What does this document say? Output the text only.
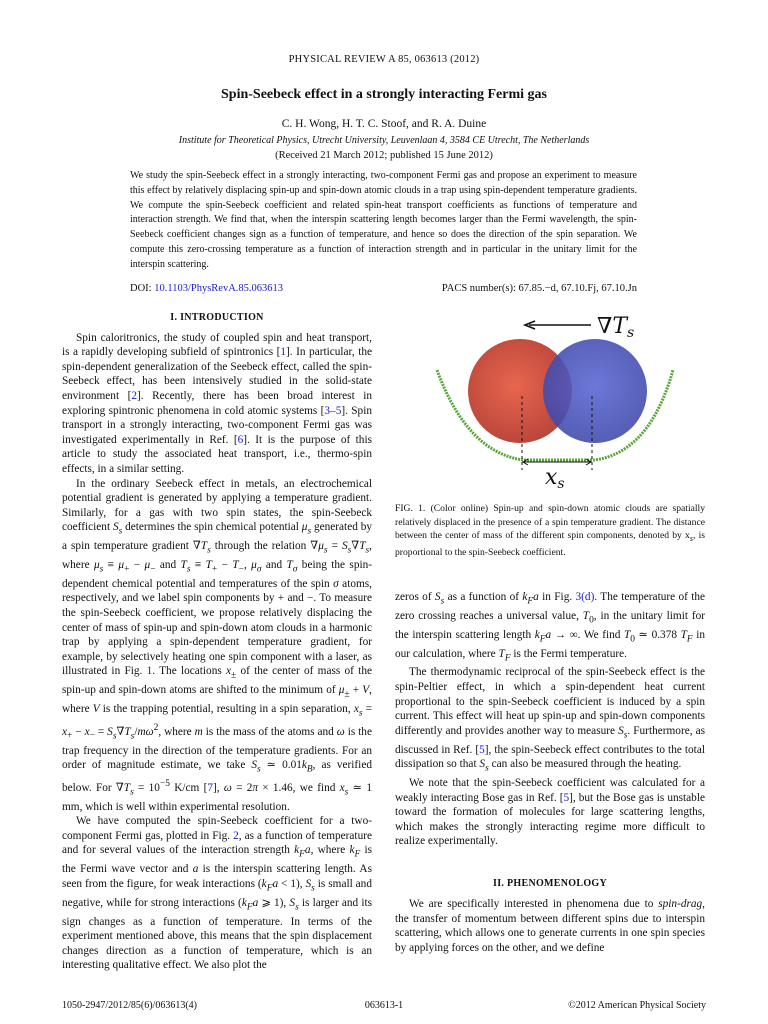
PHYSICAL REVIEW A 85, 063613 (2012)
Spin-Seebeck effect in a strongly interacting Fermi gas
C. H. Wong, H. T. C. Stoof, and R. A. Duine
Institute for Theoretical Physics, Utrecht University, Leuvenlaan 4, 3584 CE Utrecht, The Netherlands
(Received 21 March 2012; published 15 June 2012)
We study the spin-Seebeck effect in a strongly interacting, two-component Fermi gas and propose an experiment to measure this effect by relatively displacing spin-up and spin-down atomic clouds in a trap using spin-dependent temperature gradients. We compute the spin-Seebeck coefficient and related spin-heat transport coefficients as functions of temperature and interaction strength. We find that, when the interspin scattering length becomes larger than the Fermi wavelength, the spin-Seebeck coefficient changes sign as a function of temperature, and hence so does the direction of the spin separation. We compute this zero-crossing temperature as a function of interaction strength and in particular in the unitary limit for the interspin scattering.
DOI: 10.1103/PhysRevA.85.063613	PACS number(s): 67.85.−d, 67.10.Fj, 67.10.Jn
I. INTRODUCTION

Spin caloritronics, the study of coupled spin and heat transport, is a rapidly developing subfield of spintronics [1]. In particular, the spin-dependent generalization of the Seebeck effect, called the spin-Seebeck effect, has been intensively studied in the solid-state environment [2]. Recently, there has been broad interest in exploring spintronic phenomena in cold atomic systems [3–5]. Spin transport in a strongly interacting, two-component Fermi gas was investigated experimentally in Ref. [6]. It is the purpose of this article to study the associated heat transport, i.e., thermo-spin effects, in a similar setting.

In the ordinary Seebeck effect in metals, an electrochemical potential gradient is generated by applying a temperature gradient. Similarly, for a gas with two spin states, the spin-Seebeck coefficient $S_s$ determines the spin chemical potential $\mu_s$ generated by a spin temperature gradient $\nabla T_s$ through the relation $\nabla\mu_s = S_s\nabla T_s$, where $\mu_s \equiv \mu_+ - \mu_-$ and $T_s \equiv T_+ - T_-$, $\mu_\sigma$ and $T_\sigma$ being the spin-dependent chemical potential and temperatures of the spin σ atoms, respectively, and we label spin components by + and −. To measure the spin-Seebeck coefficient, we propose relatively displacing the center of mass of spin-up and spin-down atom clouds in a harmonic trap by applying a spin-dependent temperature gradient, for example, by selectively heating one spin component with a laser, as illustrated in Fig. 1. The locations $x_\pm$ of the center of mass of the spin-up and spin-down atoms are shifted to the minimum of $\mu_\pm + V$, where V is the trapping potential, resulting in a spin separation, $x_s = x_+ - x_- = S_s\nabla T_s/m\omega^2$, where m is the mass of the atoms and ω is the trap frequency in the direction of the temperature gradients. For an order of magnitude estimate, we take $S_s$ ≃ $0.01k_B$, as verified below. For $\nabla T_s = 10^{-5}$ K/cm [7], ω = 2π × 1.46, we find $x_s$ ≃ 1 mm, which is well within experimental resolution.

We have computed the spin-Seebeck coefficient for a two-component Fermi gas, plotted in Fig. 2, as a function of temperature and for several values of the interaction strength $k_Fa$, where $k_F$ is the Fermi wave vector and a is the interspin scattering length. As seen from the figure, for weak interactions $(k_Fa < 1)$, $S_s$ is small and negative, while for strong interactions ($k_Fa$ ⩾ 1), $S_s$ is larger and its sign changes as a function of temperature. In terms of the experiment mentioned above, this means that the spin displacement changes direction as a function of temperature, which is an interesting qualitative effect. We also plot the

∇Ts
xs
FIG. 1. (Color online) Spin-up and spin-down atomic clouds are spatially relatively displaced in the presence of a spin temperature gradient. The distance between the center of mass of the different spin components, denoted by $x_s$, is proportional to the spin-Seebeck coefficient.

zeros of $S_s$ as a function of $k_Fa$ in Fig. 3(d). The temperature of the zero crossing reaches a universal value, $T_0$, in the unitary limit for the interspin scattering length $k_Fa$ → ∞. We find $T_0$ ≃ 0.378 $T_F$ in our calculation, where $T_F$ is the Fermi temperature.

The thermodynamic reciprocal of the spin-Seebeck effect is the spin-Peltier effect, in which a spin-dependent heat current proportional to the spin-Seebeck coefficient is induced by a spin current. This effect will heat up spin-up and spin-down components differently and provides another way to measure $S_s$. Furthermore, as discussed in Ref. [5], the spin-Seebeck effect contributes to the total dissipation so that $S_s$ can also be measured through the heating.

We note that the spin-Seebeck coefficient was calculated for a weakly interacting Bose gas in Ref. [5], but the Bose gas is unstable toward the formation of molecules for large scattering lengths, which makes the strongly interacting regime more difficult to realize experimentally.

II. PHENOMENOLOGY

We are specifically interested in phenomena due to spin-drag, the transfer of momentum between different spins due to interspin scattering, which allows one to generate currents in one spin species by applying forces on the other, and we define

1050-2947/2012/85(6)/063613(4)	063613-1	©2012 American Physical Society
